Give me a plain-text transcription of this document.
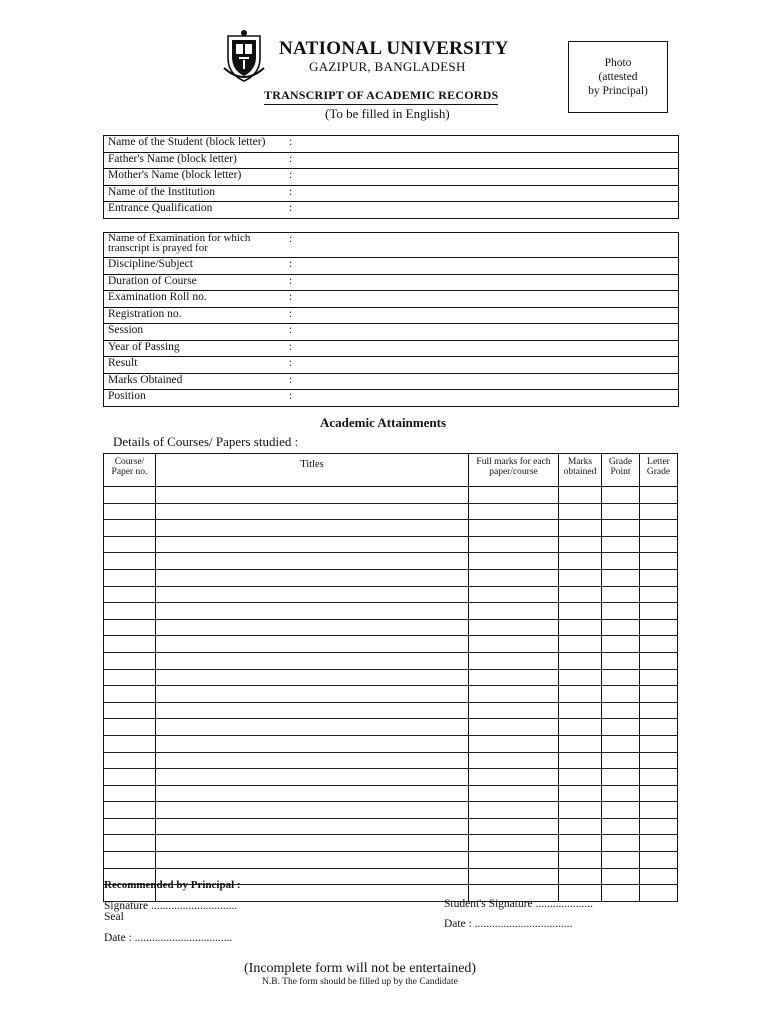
NATIONAL UNIVERSITY
GAZIPUR, BANGLADESH
TRANSCRIPT OF ACADEMIC RECORDS
(To be filled in English)
Photo
(attested
by Principal)
Name of the Student (block letter)	:
Father's Name (block letter)	:
Mother's Name (block letter)	:
Name of the Institution	:
Entrance Qualification	:
Name of Examination for which transcript is prayed for	:
Discipline/Subject	:
Duration of Course	:
Examination Roll no.	:
Registration no.	:
Session	:
Year of Passing	:
Result	:
Marks Obtained	:
Position	:
Academic Attainments
Details of Courses/ Papers studied :
Course/ Paper no.	Titles	Full marks for each paper/course	Marks obtained	Grade Point	Letter Grade

Recommended by Principal :
Signature ..............................
Seal
Date : ..................................
Student's Signature ....................
Date : ..................................
(Incomplete form will not be entertained)
N.B. The form should be filled up by the Candidate
